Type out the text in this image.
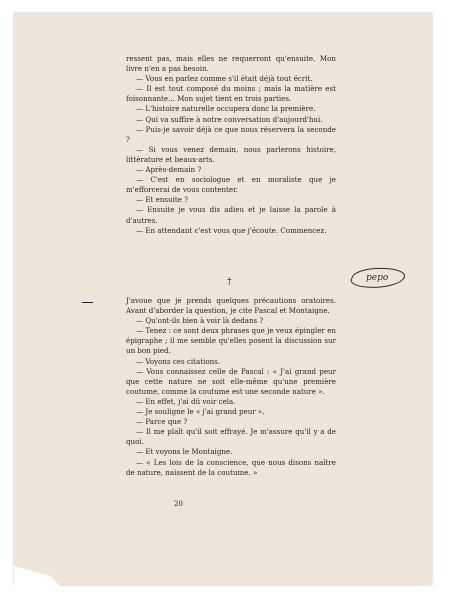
ressent pas, mais elles ne requerront qu'ensuite. Mon livre n'en a pas besoin.

— Vous en parlez comme s'il était déjà tout écrit.

— Il est tout composé du moins ; mais la matière est foisonnante... Mon sujet tient en trois parties.

— L'histoire naturelle occupera donc la première.

— Qui va suffire à notre conversation d'aujourd'hui.

— Puis-je savoir déjà ce que nous réservera la seconde ?

— Si vous venez demain, nous parlerons histoire, littérature et beaux-arts.

— Après-demain ?

— C'est en sociologue et en moraliste que je m'efforcerai de vous contenter.

— Et ensuite ?

— Ensuite je vous dis adieu et je laisse la parole à d'autres.

— En attendant c'est vous que j'écoute. Commencez.

†

J'avoue que je prends quelques précautions oratoires. Avant d'aborder la question, je cite Pascal et Montaigne.

— Qu'ont-ils bien à voir là dedans ?

— Tenez : ce sont deux phrases que je veux épingler en épigraphe ; il me semble qu'elles posent la discussion sur un bon pied.

— Voyons ces citations.

— Vous connaissez celle de Pascal : « J'ai grand peur que cette nature ne soit elle-même qu'une première coutume, comme la coutume est une seconde nature ».

— En effet, j'ai dû voir cela.

— Je souligne le « j'ai grand peur ».

— Parce que ?

— Il me plaît qu'il soit effrayé. Je m'assure qu'il y a de quoi.

— Et voyons le Montaigne.

— « Les lois de la conscience, que nous disons naître de nature, naissent de la coutume. »

20
pepo
